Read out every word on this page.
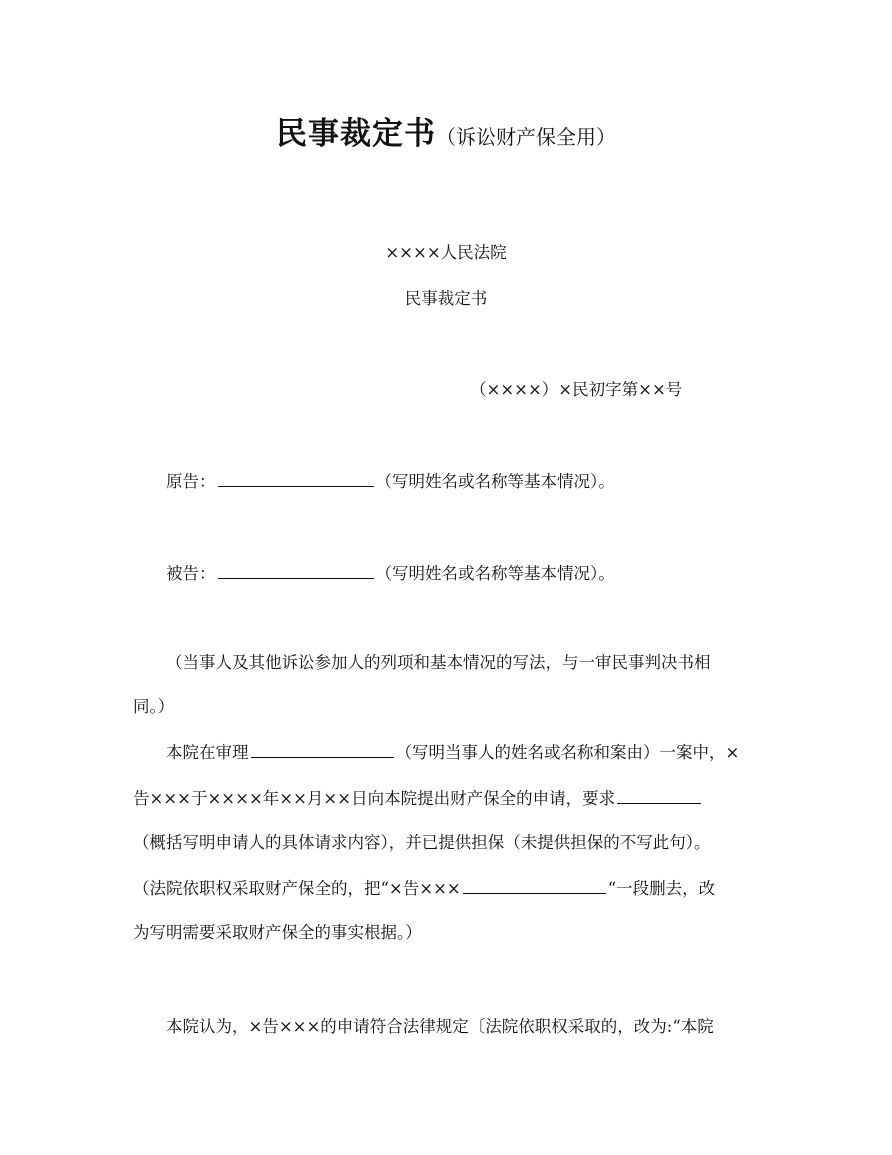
民事裁定书（诉讼财产保全用）
××××人民法院
民事裁定书
（××××）×民初字第××号
原告：	（写明姓名或名称等基本情况）。
被告：	（写明姓名或名称等基本情况）。
（当事人及其他诉讼参加人的列项和基本情况的写法，与一审民事判决书相
同。）
本院在审理	（写明当事人的姓名或名称和案由）一案中，×
告×××于××××年××月××日向本院提出财产保全的申请，要求
（概括写明申请人的具体请求内容），并已提供担保（未提供担保的不写此句）。
（法院依职权采取财产保全的，把“×告×××	“一段删去，改
为写明需要采取财产保全的事实根据。）
本院认为，×告×××的申请符合法律规定〔法院依职权采取的，改为:“本院
